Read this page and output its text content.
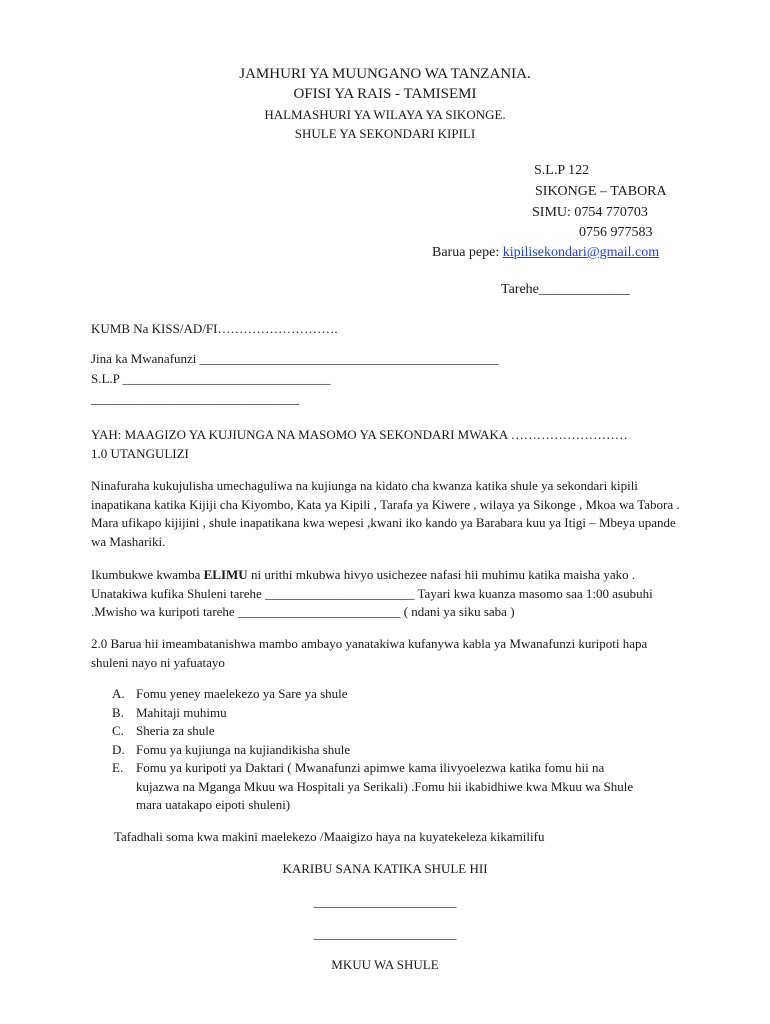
JAMHURI YA MUUNGANO WA TANZANIA.
OFISI YA RAIS - TAMISEMI
HALMASHURI YA WILAYA YA SIKONGE.
SHULE YA SEKONDARI KIPILI
S.L.P 122
SIKONGE – TABORA
SIMU: 0754 770703
0756 977583
Barua pepe: kipilisekondari@gmail.com
Tarehe_____________
KUMB Na KISS/AD/FI……………………….
Jina ka Mwanafunzi ______________________________________________
S.L.P ________________________________
________________________________
YAH: MAAGIZO YA KUJIUNGA NA MASOMO YA SEKONDARI MWAKA ………………………
1.0 UTANGULIZI
Ninafuraha kukujulisha umechaguliwa na kujiunga na kidato cha kwanza katika shule ya sekondari kipili inapatikana katika Kijiji cha Kiyombo, Kata ya Kipili , Tarafa ya Kiwere , wilaya ya Sikonge , Mkoa wa Tabora . Mara ufikapo kijijini , shule inapatikana kwa wepesi ,kwani iko kando ya Barabara kuu ya Itigi – Mbeya upande wa Mashariki.
Ikumbukwe kwamba ELIMU ni urithi mkubwa hivyo usichezee nafasi hii muhimu katika maisha yako . Unatakiwa kufika Shuleni tarehe _______________________ Tayari kwa kuanza masomo saa 1:00 asubuhi .Mwisho wa kuripoti tarehe _________________________ ( ndani ya siku saba )
2.0 Barua hii imeambatanishwa mambo ambayo yanatakiwa kufanywa kabla ya Mwanafunzi kuripoti hapa shuleni nayo ni yafuatayo
A. Fomu yeney maelekezo ya Sare ya shule
B. Mahitaji muhimu
C. Sheria za shule
D. Fomu ya kujiunga na kujiandikisha shule
E. Fomu ya kuripoti ya Daktari ( Mwanafunzi apimwe kama ilivyoelezwa katika fomu hii na
kujazwa na Mganga Mkuu wa Hospitali ya Serikali) .Fomu hii ikabidhiwe kwa Mkuu wa Shule
mara uatakapo eipoti shuleni)
Tafadhali soma kwa makini maelekezo /Maaigizo haya na kuyatekeleza kikamilifu
KARIBU SANA KATIKA SHULE HII
______________________
______________________
MKUU WA SHULE
